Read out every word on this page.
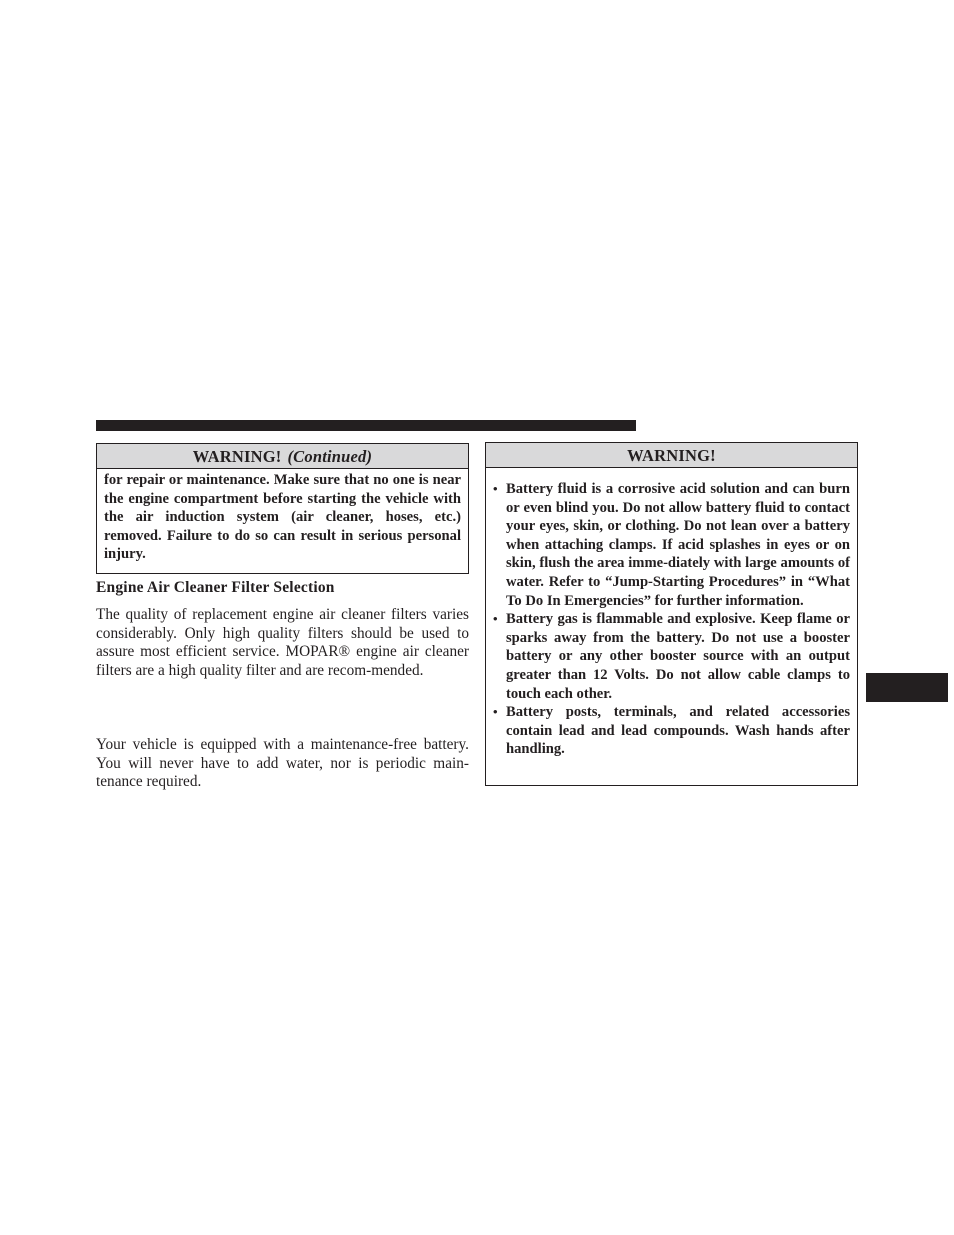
WARNING! (Continued)
for repair or maintenance. Make sure that no one is near the engine compartment before starting the vehicle with the air induction system (air cleaner, hoses, etc.) removed. Failure to do so can result in serious personal injury.
Engine Air Cleaner Filter Selection
The quality of replacement engine air cleaner filters varies considerably. Only high quality filters should be used to assure most efficient service. MOPAR® engine air cleaner filters are a high quality filter and are recom-mended.
Your vehicle is equipped with a maintenance-free battery. You will never have to add water, nor is periodic main-tenance required.
WARNING!
• Battery fluid is a corrosive acid solution and can burn or even blind you. Do not allow battery fluid to contact your eyes, skin, or clothing. Do not lean over a battery when attaching clamps. If acid splashes in eyes or on skin, flush the area imme-diately with large amounts of water. Refer to “Jump-Starting Procedures” in “What To Do In Emergencies” for further information.
• Battery gas is flammable and explosive. Keep flame or sparks away from the battery. Do not use a booster battery or any other booster source with an output greater than 12 Volts. Do not allow cable clamps to touch each other.
• Battery posts, terminals, and related accessories contain lead and lead compounds. Wash hands after handling.
